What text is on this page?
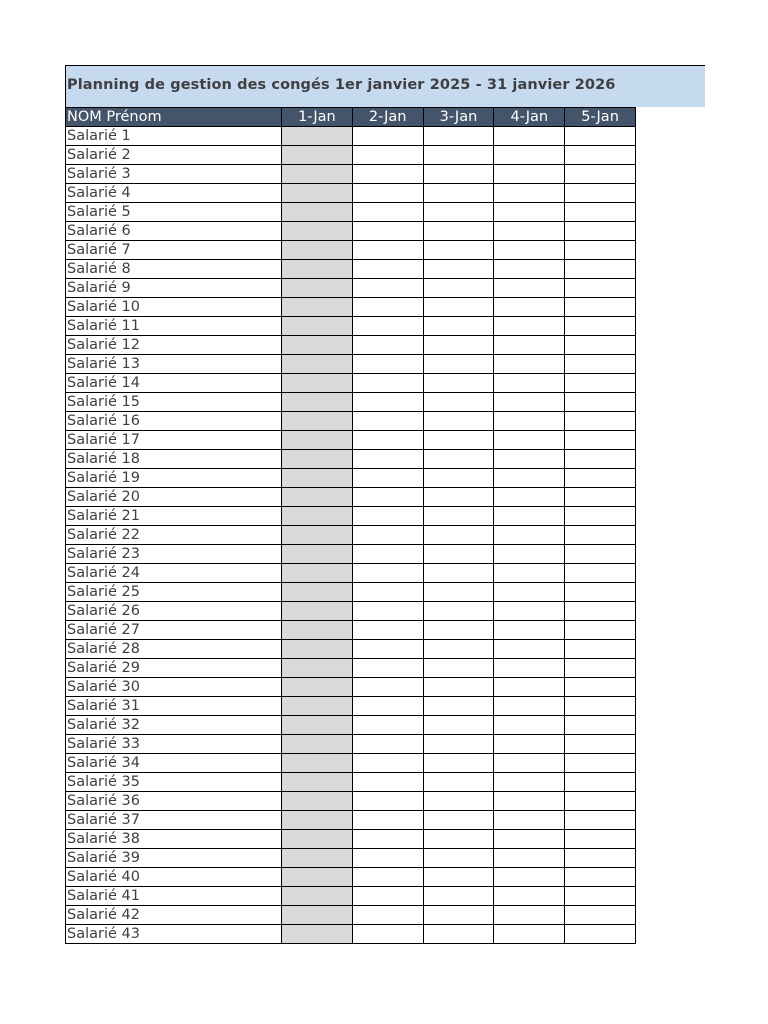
Planning de gestion des congés 1er janvier 2025 - 31 janvier 2026
NOM Prénom	1-Jan	2-Jan	3-Jan	4-Jan	5-Jan
Salarié 1					
Salarié 2					
Salarié 3					
Salarié 4					
Salarié 5					
Salarié 6					
Salarié 7					
Salarié 8					
Salarié 9					
Salarié 10					
Salarié 11					
Salarié 12					
Salarié 13					
Salarié 14					
Salarié 15					
Salarié 16					
Salarié 17					
Salarié 18					
Salarié 19					
Salarié 20					
Salarié 21					
Salarié 22					
Salarié 23					
Salarié 24					
Salarié 25					
Salarié 26					
Salarié 27					
Salarié 28					
Salarié 29					
Salarié 30					
Salarié 31					
Salarié 32					
Salarié 33					
Salarié 34					
Salarié 35					
Salarié 36					
Salarié 37					
Salarié 38					
Salarié 39					
Salarié 40					
Salarié 41					
Salarié 42					
Salarié 43					
